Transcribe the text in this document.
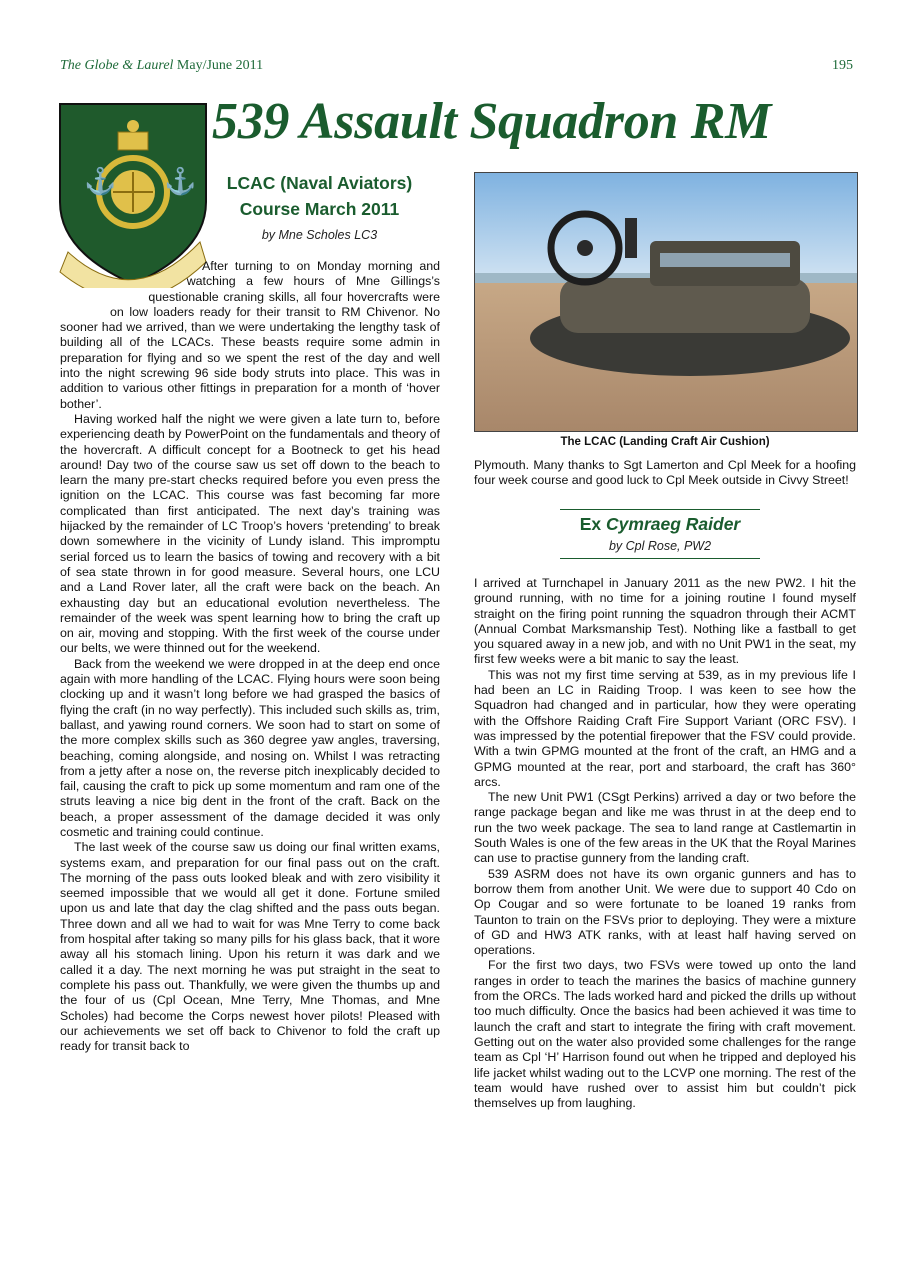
The Globe & Laurel May/June 2011	195
539 Assault Squadron RM
⚓ ⚓	LCAC (Naval Aviators)
Course March 2011
by Mne Scholes LC3

After turning to on Monday morning and watching a few hours of Mne Gillings’s questionable craning skills, all four hovercrafts were on low loaders ready for their transit to RM Chivenor. No sooner had we arrived, than we were undertaking the lengthy task of building all of the LCACs. These beasts require some admin in preparation for flying and so we spent the rest of the day and well into the night screwing 96 side body struts into place. This was in addition to various other fittings in preparation for a month of ‘hover bother’.

Having worked half the night we were given a late turn to, before experiencing death by PowerPoint on the fundamentals and theory of the hovercraft. A difficult concept for a Bootneck to get his head around! Day two of the course saw us set off down to the beach to learn the many pre-start checks required before you even press the ignition on the LCAC. This course was fast becoming far more complicated than first anticipated. The next day’s training was hijacked by the remainder of LC Troop’s hovers ‘pretending’ to break down somewhere in the vicinity of Lundy island. This impromptu serial forced us to learn the basics of towing and recovery with a bit of sea state thrown in for good measure. Several hours, one LCU and a Land Rover later, all the craft were back on the beach. An exhausting day but an educational evolution nevertheless. The remainder of the week was spent learning how to bring the craft up on air, moving and stopping. With the first week of the course under our belts, we were thinned out for the weekend.

Back from the weekend we were dropped in at the deep end once again with more handling of the LCAC. Flying hours were soon being clocking up and it wasn’t long before we had grasped the basics of flying the craft (in no way perfectly). This included such skills as, trim, ballast, and yawing round corners. We soon had to start on some of the more complex skills such as 360 degree yaw angles, traversing, beaching, coming alongside, and nosing on. Whilst I was retracting from a jetty after a nose on, the reverse pitch inexplicably decided to fail, causing the craft to pick up some momentum and ram one of the struts leaving a nice big dent in the front of the craft. Back on the beach, a proper assessment of the damage decided it was only cosmetic and training could continue.

The last week of the course saw us doing our final written exams, systems exam, and preparation for our final pass out on the craft. The morning of the pass outs looked bleak and with zero visibility it seemed impossible that we would all get it done. Fortune smiled upon us and late that day the clag shifted and the pass outs began. Three down and all we had to wait for was Mne Terry to come back from hospital after taking so many pills for his glass back, that it wore away all his stomach lining. Upon his return it was dark and we called it a day. The next morning he was put straight in the seat to complete his pass out. Thankfully, we were given the thumbs up and the four of us (Cpl Ocean, Mne Terry, Mne Thomas, and Mne Scholes) had become the Corps newest hover pilots! Pleased with our achievements we set off back to Chivenor to fold the craft up ready for transit back to

The LCAC (Landing Craft Air Cushion)
Plymouth. Many thanks to Sgt Lamerton and Cpl Meek for a hoofing four week course and good luck to Cpl Meek outside in Civvy Street!
Ex Cymraeg Raider
by Cpl Rose, PW2

I arrived at Turnchapel in January 2011 as the new PW2. I hit the ground running, with no time for a joining routine I found myself straight on the firing point running the squadron through their ACMT (Annual Combat Marksmanship Test). Nothing like a fastball to get you squared away in a new job, and with no Unit PW1 in the seat, my first few weeks were a bit manic to say the least.

This was not my first time serving at 539, as in my previous life I had been an LC in Raiding Troop. I was keen to see how the Squadron had changed and in particular, how they were operating with the Offshore Raiding Craft Fire Support Variant (ORC FSV). I was impressed by the potential firepower that the FSV could provide. With a twin GPMG mounted at the front of the craft, an HMG and a GPMG mounted at the rear, port and starboard, the craft has 360° arcs.

The new Unit PW1 (CSgt Perkins) arrived a day or two before the range package began and like me was thrust in at the deep end to run the two week package. The sea to land range at Castlemartin in South Wales is one of the few areas in the UK that the Royal Marines can use to practise gunnery from the landing craft.

539 ASRM does not have its own organic gunners and has to borrow them from another Unit. We were due to support 40 Cdo on Op Cougar and so were fortunate to be loaned 19 ranks from Taunton to train on the FSVs prior to deploying. They were a mixture of GD and HW3 ATK ranks, with at least half having served on operations.

For the first two days, two FSVs were towed up onto the land ranges in order to teach the marines the basics of machine gunnery from the ORCs. The lads worked hard and picked the drills up without too much difficulty. Once the basics had been achieved it was time to launch the craft and start to integrate the firing with craft movement. Getting out on the water also provided some challenges for the range team as Cpl ‘H’ Harrison found out when he tripped and deployed his life jacket whilst wading out to the LCVP one morning. The rest of the team would have rushed over to assist him but couldn’t pick themselves up from laughing.
